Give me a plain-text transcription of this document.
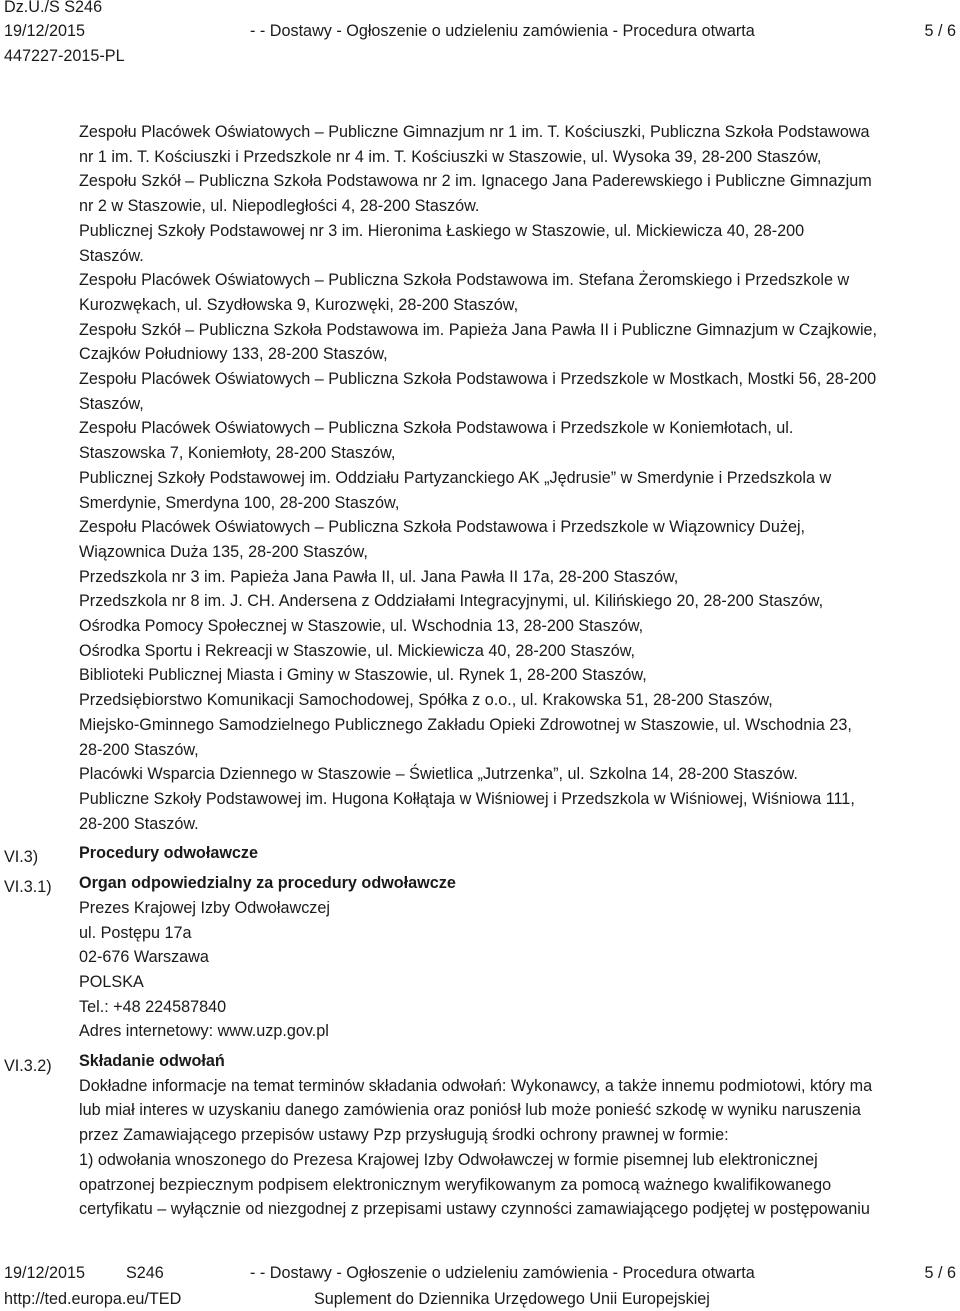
Dz.U./S S246
19/12/2015
447227-2015-PL
- - Dostawy - Ogłoszenie o udzieleniu zamówienia - Procedura otwarta	5 / 6
VI.3)
VI.3.1)
VI.3.2)

Zespołu Placówek Oświatowych – Publiczne Gimnazjum nr 1 im. T. Kościuszki, Publiczna Szkoła Podstawowa

nr 1 im. T. Kościuszki i Przedszkole nr 4 im. T. Kościuszki w Staszowie, ul. Wysoka 39, 28-200 Staszów,

Zespołu Szkół – Publiczna Szkoła Podstawowa nr 2 im. Ignacego Jana Paderewskiego i Publiczne Gimnazjum

nr 2 w Staszowie, ul. Niepodległości 4, 28-200 Staszów.

Publicznej Szkoły Podstawowej nr 3 im. Hieronima Łaskiego w Staszowie, ul. Mickiewicza 40, 28-200

Staszów.

Zespołu Placówek Oświatowych – Publiczna Szkoła Podstawowa im. Stefana Żeromskiego i Przedszkole w

Kurozwękach, ul. Szydłowska 9, Kurozwęki, 28-200 Staszów,

Zespołu Szkół – Publiczna Szkoła Podstawowa im. Papieża Jana Pawła II i Publiczne Gimnazjum w Czajkowie,

Czajków Południowy 133, 28-200 Staszów,

Zespołu Placówek Oświatowych – Publiczna Szkoła Podstawowa i Przedszkole w Mostkach, Mostki 56, 28-200

Staszów,

Zespołu Placówek Oświatowych – Publiczna Szkoła Podstawowa i Przedszkole w Koniemłotach, ul.

Staszowska 7, Koniemłoty, 28-200 Staszów,

Publicznej Szkoły Podstawowej im. Oddziału Partyzanckiego AK „Jędrusie” w Smerdynie i Przedszkola w

Smerdynie, Smerdyna 100, 28-200 Staszów,

Zespołu Placówek Oświatowych – Publiczna Szkoła Podstawowa i Przedszkole w Wiązownicy Dużej,

Wiązownica Duża 135, 28-200 Staszów,

Przedszkola nr 3 im. Papieża Jana Pawła II, ul. Jana Pawła II 17a, 28-200 Staszów,

Przedszkola nr 8 im. J. CH. Andersena z Oddziałami Integracyjnymi, ul. Kilińskiego 20, 28-200 Staszów,

Ośrodka Pomocy Społecznej w Staszowie, ul. Wschodnia 13, 28-200 Staszów,

Ośrodka Sportu i Rekreacji w Staszowie, ul. Mickiewicza 40, 28-200 Staszów,

Biblioteki Publicznej Miasta i Gminy w Staszowie, ul. Rynek 1, 28-200 Staszów,

Przedsiębiorstwo Komunikacji Samochodowej, Spółka z o.o., ul. Krakowska 51, 28-200 Staszów,

Miejsko-Gminnego Samodzielnego Publicznego Zakładu Opieki Zdrowotnej w Staszowie, ul. Wschodnia 23,

28-200 Staszów,

Placówki Wsparcia Dziennego w Staszowie – Świetlica „Jutrzenka”, ul. Szkolna 14, 28-200 Staszów.

Publiczne Szkoły Podstawowej im. Hugona Kołłątaja w Wiśniowej i Przedszkola w Wiśniowej, Wiśniowa 111,

28-200 Staszów.

Procedury odwoławcze

Organ odpowiedzialny za procedury odwoławcze

Prezes Krajowej Izby Odwoławczej

ul. Postępu 17a

02-676 Warszawa

POLSKA

Tel.: +48 224587840

Adres internetowy: www.uzp.gov.pl

Składanie odwołań

Dokładne informacje na temat terminów składania odwołań: Wykonawcy, a także innemu podmiotowi, który ma

lub miał interes w uzyskaniu danego zamówienia oraz poniósł lub może ponieść szkodę w wyniku naruszenia

przez Zamawiającego przepisów ustawy Pzp przysługują środki ochrony prawnej w formie:

1) odwołania wnoszonego do Prezesa Krajowej Izby Odwoławczej w formie pisemnej lub elektronicznej

opatrzonej bezpiecznym podpisem elektronicznym weryfikowanym za pomocą ważnego kwalifikowanego

certyfikatu – wyłącznie od niezgodnej z przepisami ustawy czynności zamawiającego podjętej w postępowaniu

19/12/2015	S246	- - Dostawy - Ogłoszenie o udzieleniu zamówienia - Procedura otwarta	5 / 6
http://ted.europa.eu/TED	Suplement do Dziennika Urzędowego Unii Europejskiej
